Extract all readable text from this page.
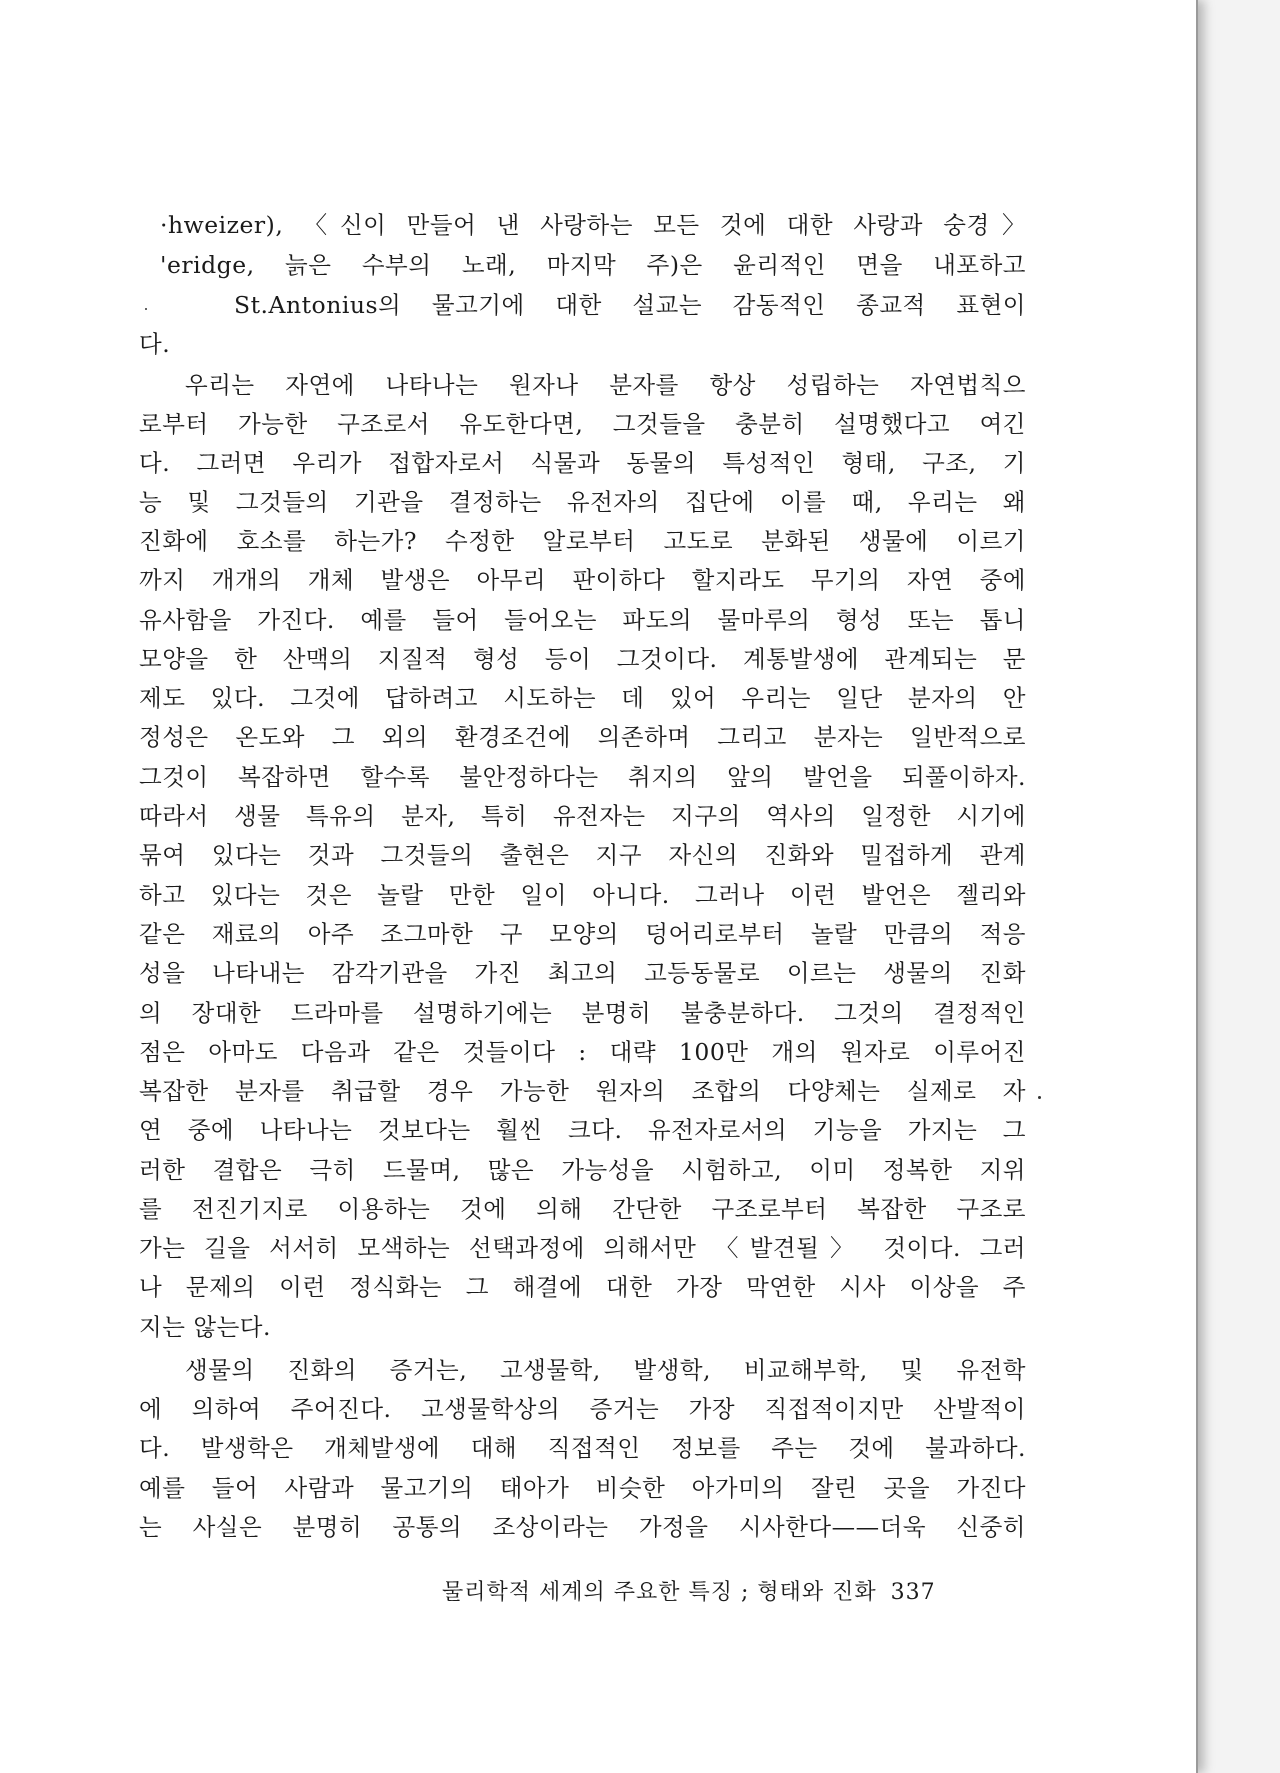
·hweizer), 〈신이 만들어 낸 사랑하는 모든 것에 대한 사랑과 숭경〉
'eridge, 늙은 수부의 노래, 마지막 주)은 윤리적인 면을 내포하고
St.Antonius의 물고기에 대한 설교는 감동적인 종교적 표현이
다.
우리는 자연에 나타나는 원자나 분자를 항상 성립하는 자연법칙으
로부터 가능한 구조로서 유도한다면, 그것들을 충분히 설명했다고 여긴
다. 그러면 우리가 접합자로서 식물과 동물의 특성적인 형태, 구조, 기
능 및 그것들의 기관을 결정하는 유전자의 집단에 이를 때, 우리는 왜
진화에 호소를 하는가? 수정한 알로부터 고도로 분화된 생물에 이르기
까지 개개의 개체 발생은 아무리 판이하다 할지라도 무기의 자연 중에
유사함을 가진다. 예를 들어 들어오는 파도의 물마루의 형성 또는 톱니
모양을 한 산맥의 지질적 형성 등이 그것이다. 계통발생에 관계되는 문
제도 있다. 그것에 답하려고 시도하는 데 있어 우리는 일단 분자의 안
정성은 온도와 그 외의 환경조건에 의존하며 그리고 분자는 일반적으로
그것이 복잡하면 할수록 불안정하다는 취지의 앞의 발언을 되풀이하자.
따라서 생물 특유의 분자, 특히 유전자는 지구의 역사의 일정한 시기에
묶여 있다는 것과 그것들의 출현은 지구 자신의 진화와 밀접하게 관계
하고 있다는 것은 놀랄 만한 일이 아니다. 그러나 이런 발언은 젤리와
같은 재료의 아주 조그마한 구 모양의 덩어리로부터 놀랄 만큼의 적응
성을 나타내는 감각기관을 가진 최고의 고등동물로 이르는 생물의 진화
의 장대한 드라마를 설명하기에는 분명히 불충분하다. 그것의 결정적인
점은 아마도 다음과 같은 것들이다 : 대략 100만 개의 원자로 이루어진
복잡한 분자를 취급할 경우 가능한 원자의 조합의 다양체는 실제로 자
연 중에 나타나는 것보다는 훨씬 크다. 유전자로서의 기능을 가지는 그
러한 결합은 극히 드물며, 많은 가능성을 시험하고, 이미 정복한 지위
를 전진기지로 이용하는 것에 의해 간단한 구조로부터 복잡한 구조로
가는 길을 서서히 모색하는 선택과정에 의해서만 〈발견될〉 것이다. 그러
나 문제의 이런 정식화는 그 해결에 대한 가장 막연한 시사 이상을 주
지는 않는다.
생물의 진화의 증거는, 고생물학, 발생학, 비교해부학, 및 유전학
에 의하여 주어진다. 고생물학상의 증거는 가장 직접적이지만 산발적이
다. 발생학은 개체발생에 대해 직접적인 정보를 주는 것에 불과하다.
예를 들어 사람과 물고기의 태아가 비슷한 아가미의 잘린 곳을 가진다
는 사실은 분명히 공통의 조상이라는 가정을 시사한다——더욱 신중히
물리학적 세계의 주요한 특징 ; 형태와 진화 337
